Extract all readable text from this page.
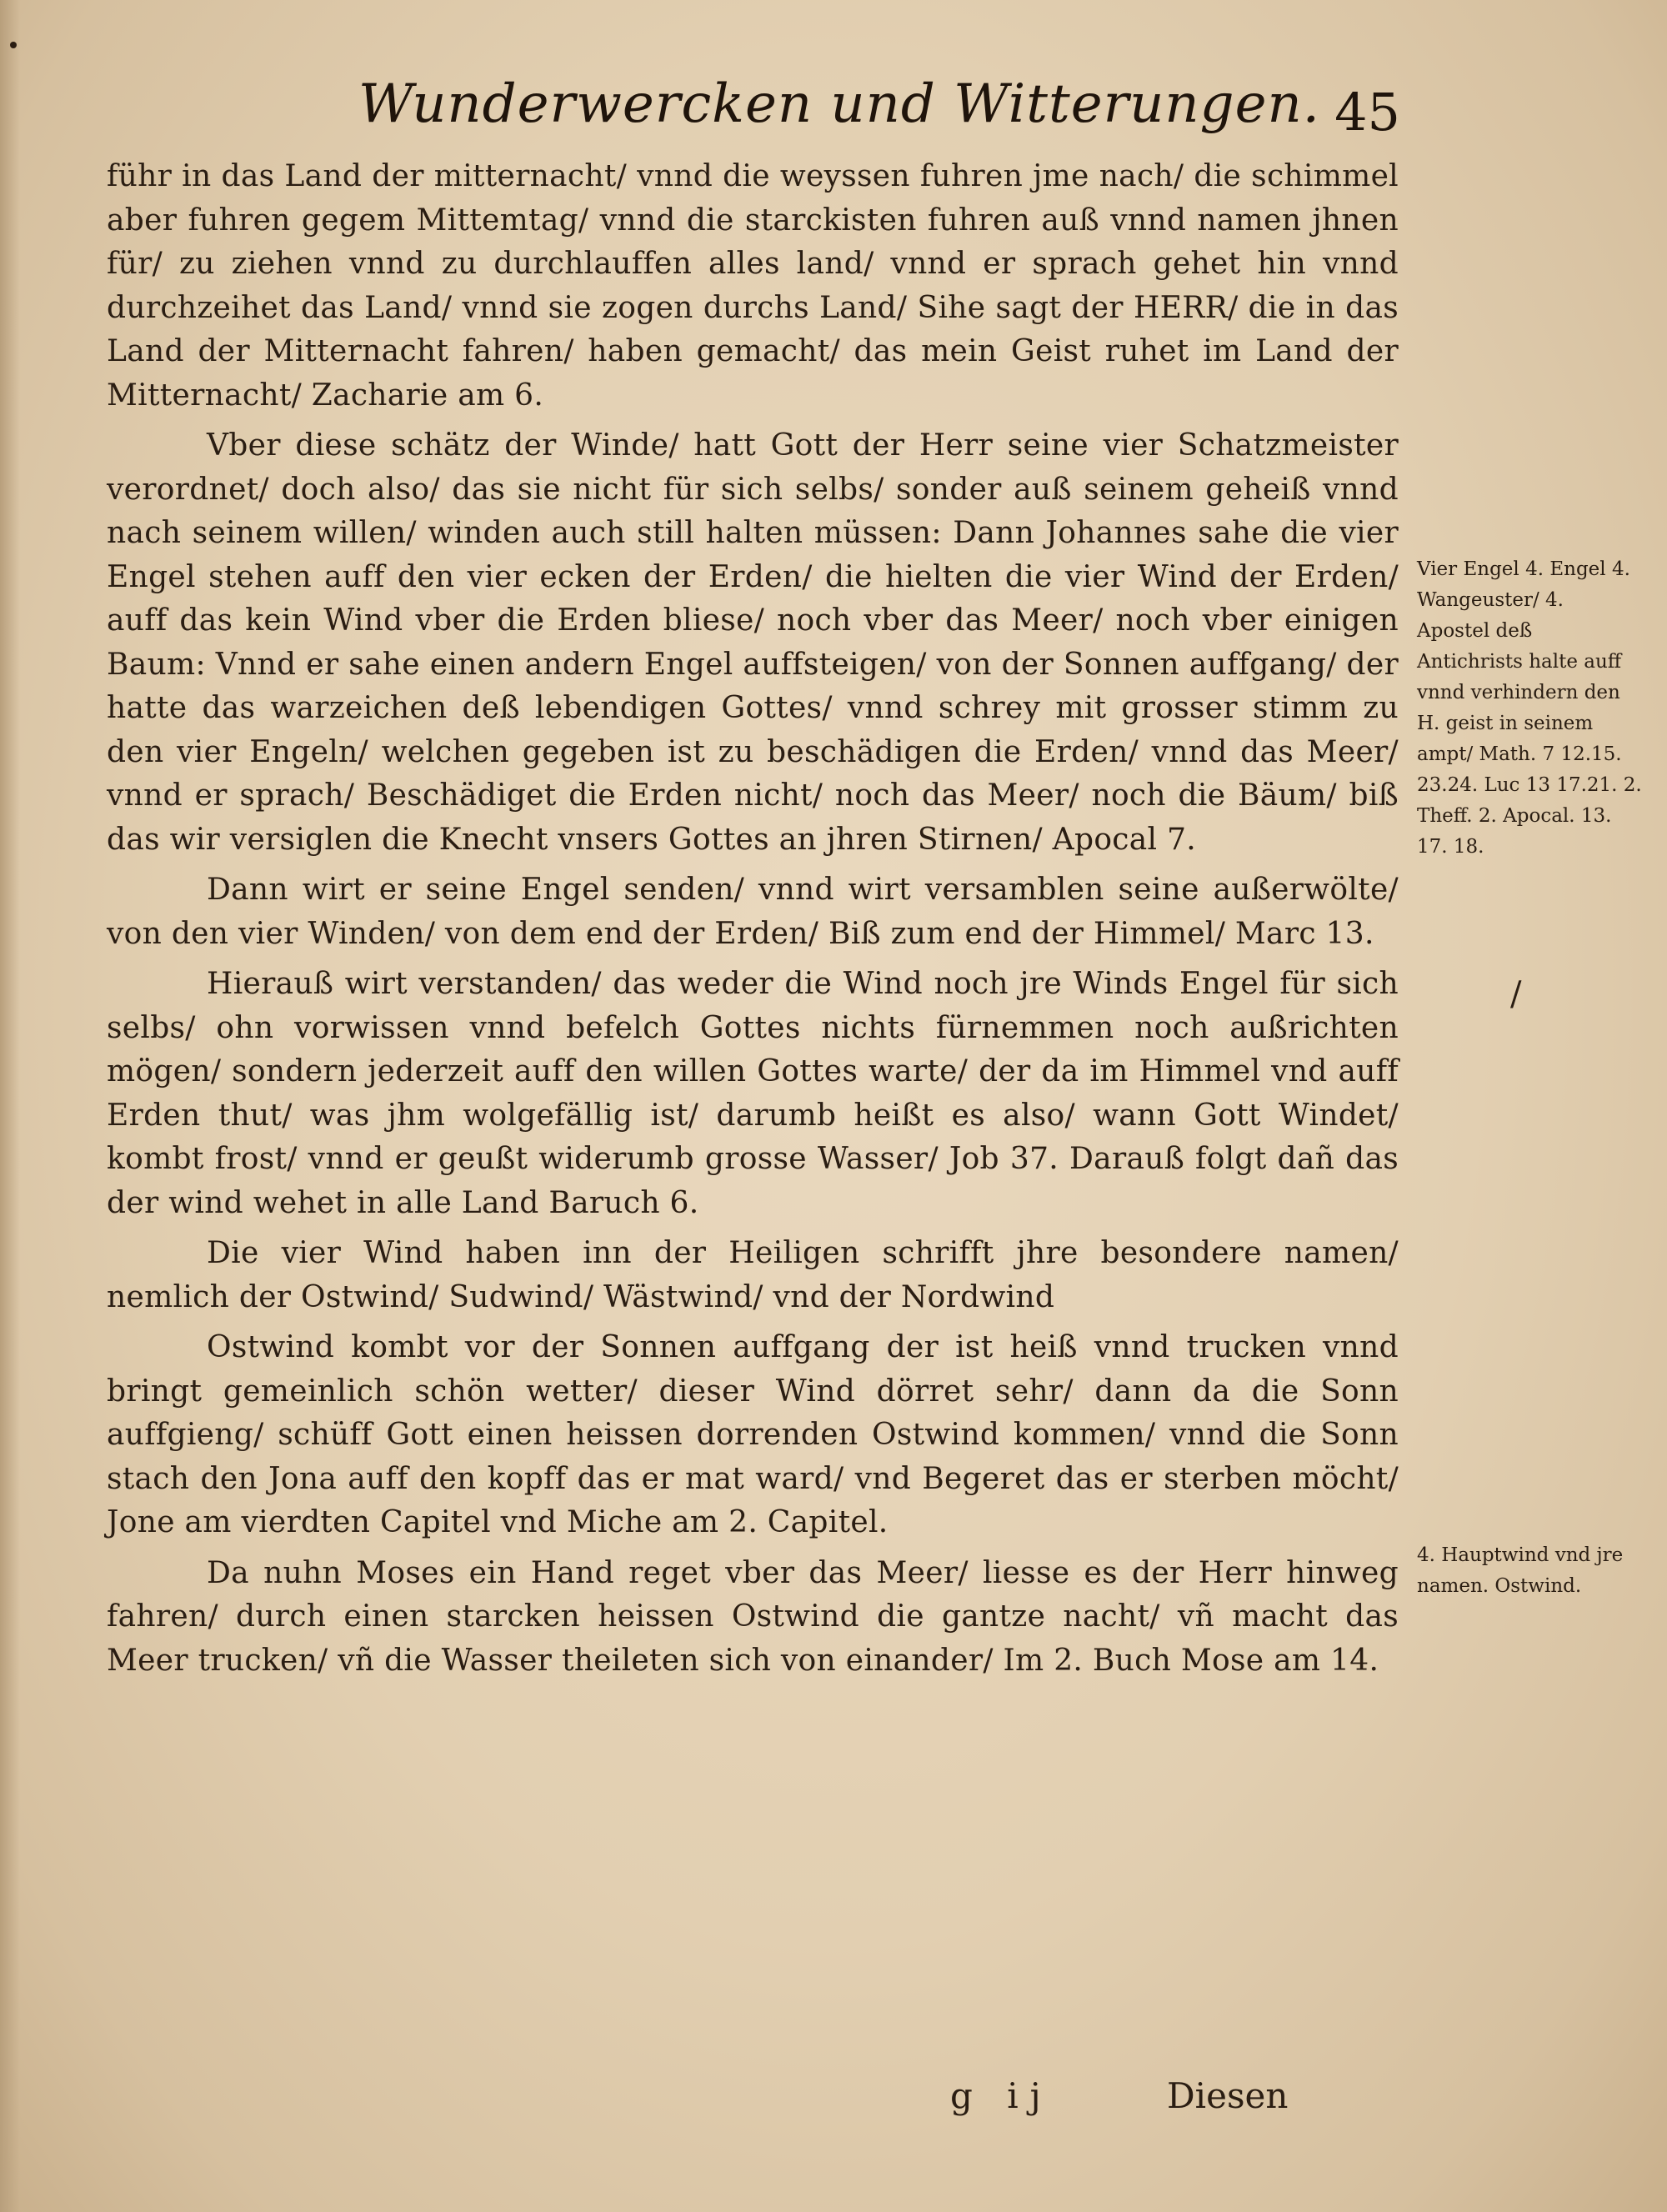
Wunderwercken und Witterungen. 45

führ in das Land der mitternacht/ vnnd die weyssen fuhren jme nach/ die schimmel aber fuhren gegem Mittemtag/ vnnd die starckisten fuhren auß vnnd namen jhnen für/ zu ziehen vnnd zu durchlauffen alles land/ vnnd er sprach gehet hin vnnd durchzeihet das Land/ vnnd sie zogen durchs Land/ Sihe sagt der HERR/ die in das Land der Mitternacht fahren/ haben gemacht/ das mein Geist ruhet im Land der Mitternacht/ Zacharie am 6.

Vber diese schätz der Winde/ hatt Gott der Herr seine vier Schatzmeister verordnet/ doch also/ das sie nicht für sich selbs/ sonder auß seinem geheiß vnnd nach seinem willen/ winden auch still halten müssen: Dann Johannes sahe die vier Engel stehen auff den vier ecken der Erden/ die hielten die vier Wind der Erden/ auff das kein Wind vber die Erden bliese/ noch vber das Meer/ noch vber einigen Baum: Vnnd er sahe einen andern Engel auffsteigen/ von der Sonnen auffgang/ der hatte das warzeichen deß lebendigen Gottes/ vnnd schrey mit grosser stimm zu den vier Engeln/ welchen gegeben ist zu beschädigen die Erden/ vnnd das Meer/ vnnd er sprach/ Beschädiget die Erden nicht/ noch das Meer/ noch die Bäum/ biß das wir versiglen die Knecht vnsers Gottes an jhren Stirnen/ Apocal 7.

Dann wirt er seine Engel senden/ vnnd wirt versamblen seine außerwölte/ von den vier Winden/ von dem end der Erden/ Biß zum end der Himmel/ Marc 13.

Hierauß wirt verstanden/ das weder die Wind noch jre Winds Engel für sich selbs/ ohn vorwissen vnnd befelch Gottes nichts fürnemmen noch außrichten mögen/ sondern jederzeit auff den willen Gottes warte/ der da im Himmel vnd auff Erden thut/ was jhm wolgefällig ist/ darumb heißt es also/ wann Gott Windet/ kombt frost/ vnnd er geußt widerumb grosse Wasser/ Job 37. Darauß folgt dañ das der wind wehet in alle Land Baruch 6.

Die vier Wind haben inn der Heiligen schrifft jhre besondere namen/ nemlich der Ostwind/ Sudwind/ Wästwind/ vnd der Nordwind

Ostwind kombt vor der Sonnen auffgang der ist heiß vnnd trucken vnnd bringt gemeinlich schön wetter/ dieser Wind dörret sehr/ dann da die Sonn auffgieng/ schüff Gott einen heissen dorrenden Ostwind kommen/ vnnd die Sonn stach den Jona auff den kopff das er mat ward/ vnd Begeret das er sterben möcht/ Jone am vierdten Capitel vnd Miche am 2. Capitel.

Da nuhn Moses ein Hand reget vber das Meer/ liesse es der Herr hinweg fahren/ durch einen starcken heissen Ostwind die gantze nacht/ vñ macht das Meer trucken/ vñ die Wasser theileten sich von einander/ Im 2. Buch Mose am 14.

Vier Engel 4. Engel 4. Wangeuster/ 4. Apostel deß Antichrists halte auff vnnd verhindern den H. geist in seinem ampt/ Math. 7 12.15. 23.24. Luc 13 17.21. 2. Theff. 2. Apocal. 13. 17. 18.
/
4. Hauptwind vnd jre namen. Ostwind.
g ij	Diesen
